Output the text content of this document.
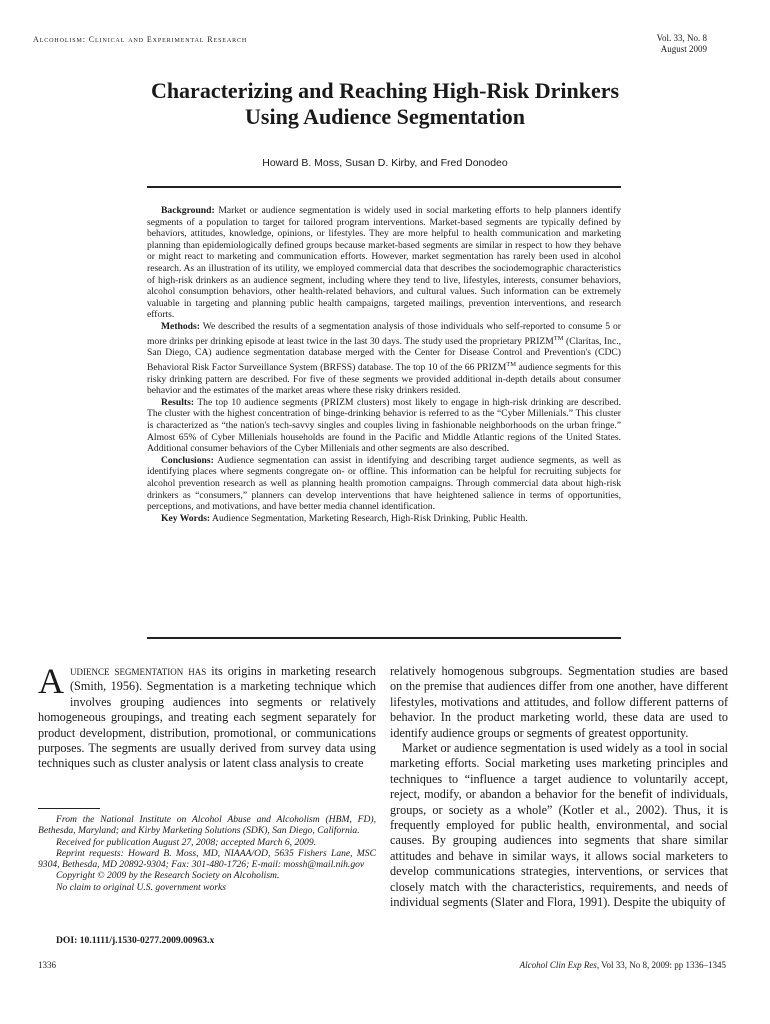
Alcoholism: Clinical and Experimental Research	Vol. 33, No. 8
August 2009
Characterizing and Reaching High-Risk Drinkers
Using Audience Segmentation
Howard B. Moss, Susan D. Kirby, and Fred Donodeo

Background: Market or audience segmentation is widely used in social marketing efforts to help planners identify segments of a population to target for tailored program interventions. Market-based segments are typically defined by behaviors, attitudes, knowledge, opinions, or lifestyles. They are more helpful to health communication and marketing planning than epidemiologically defined groups because market-based segments are similar in respect to how they behave or might react to marketing and communication efforts. However, market segmentation has rarely been used in alcohol research. As an illustration of its utility, we employed commercial data that describes the sociodemographic characteristics of high-risk drinkers as an audience segment, including where they tend to live, lifestyles, interests, consumer behaviors, alcohol consumption behaviors, other health-related behaviors, and cultural values. Such information can be extremely valuable in targeting and planning public health campaigns, targeted mailings, prevention interventions, and research efforts.

Methods: We described the results of a segmentation analysis of those individuals who self-reported to consume 5 or more drinks per drinking episode at least twice in the last 30 days. The study used the proprietary PRIZM™ (Claritas, Inc., San Diego, CA) audience segmentation database merged with the Center for Disease Control and Prevention's (CDC) Behavioral Risk Factor Surveillance System (BRFSS) database. The top 10 of the 66 PRIZM™ audience segments for this risky drinking pattern are described. For five of these segments we provided additional in-depth details about consumer behavior and the estimates of the market areas where these risky drinkers resided.

Results: The top 10 audience segments (PRIZM clusters) most likely to engage in high-risk drinking are described. The cluster with the highest concentration of binge-drinking behavior is referred to as the “Cyber Millenials.” This cluster is characterized as “the nation's tech-savvy singles and couples living in fashionable neighborhoods on the urban fringe.” Almost 65% of Cyber Millenials households are found in the Pacific and Middle Atlantic regions of the United States. Additional consumer behaviors of the Cyber Millenials and other segments are also described.

Conclusions: Audience segmentation can assist in identifying and describing target audience segments, as well as identifying places where segments congregate on- or offline. This information can be helpful for recruiting subjects for alcohol prevention research as well as planning health promotion campaigns. Through commercial data about high-risk drinkers as “consumers,” planners can develop interventions that have heightened salience in terms of opportunities, perceptions, and motivations, and have better media channel identification.

Key Words: Audience Segmentation, Marketing Research, High-Risk Drinking, Public Health.

Audience segmentation has its origins in marketing research (Smith, 1956). Segmentation is a marketing technique which involves grouping audiences into segments or relatively homogeneous groupings, and treating each segment separately for product development, distribution, promotional, or communications purposes. The segments are usually derived from survey data using techniques such as cluster analysis or latent class analysis to create

From the National Institute on Alcohol Abuse and Alcoholism (HBM, FD), Bethesda, Maryland; and Kirby Marketing Solutions (SDK), San Diego, California.

Received for publication August 27, 2008; accepted March 6, 2009.

Reprint requests: Howard B. Moss, MD, NIAAA/OD, 5635 Fishers Lane, MSC 9304, Bethesda, MD 20892-9304; Fax: 301-480-1726; E-mail: mossh@mail.nih.gov

Copyright © 2009 by the Research Society on Alcoholism.

No claim to original U.S. government works

DOI: 10.1111/j.1530-0277.2009.00963.x

relatively homogenous subgroups. Segmentation studies are based on the premise that audiences differ from one another, have different lifestyles, motivations and attitudes, and follow different patterns of behavior. In the product marketing world, these data are used to identify audience groups or segments of greatest opportunity.

Market or audience segmentation is used widely as a tool in social marketing efforts. Social marketing uses marketing principles and techniques to “influence a target audience to voluntarily accept, reject, modify, or abandon a behavior for the benefit of individuals, groups, or society as a whole” (Kotler et al., 2002). Thus, it is frequently employed for public health, environmental, and social causes. By grouping audiences into segments that share similar attitudes and behave in similar ways, it allows social marketers to develop communications strategies, interventions, or services that closely match with the characteristics, requirements, and needs of individual segments (Slater and Flora, 1991). Despite the ubiquity of

1336	Alcohol Clin Exp Res, Vol 33, No 8, 2009: pp 1336–1345
